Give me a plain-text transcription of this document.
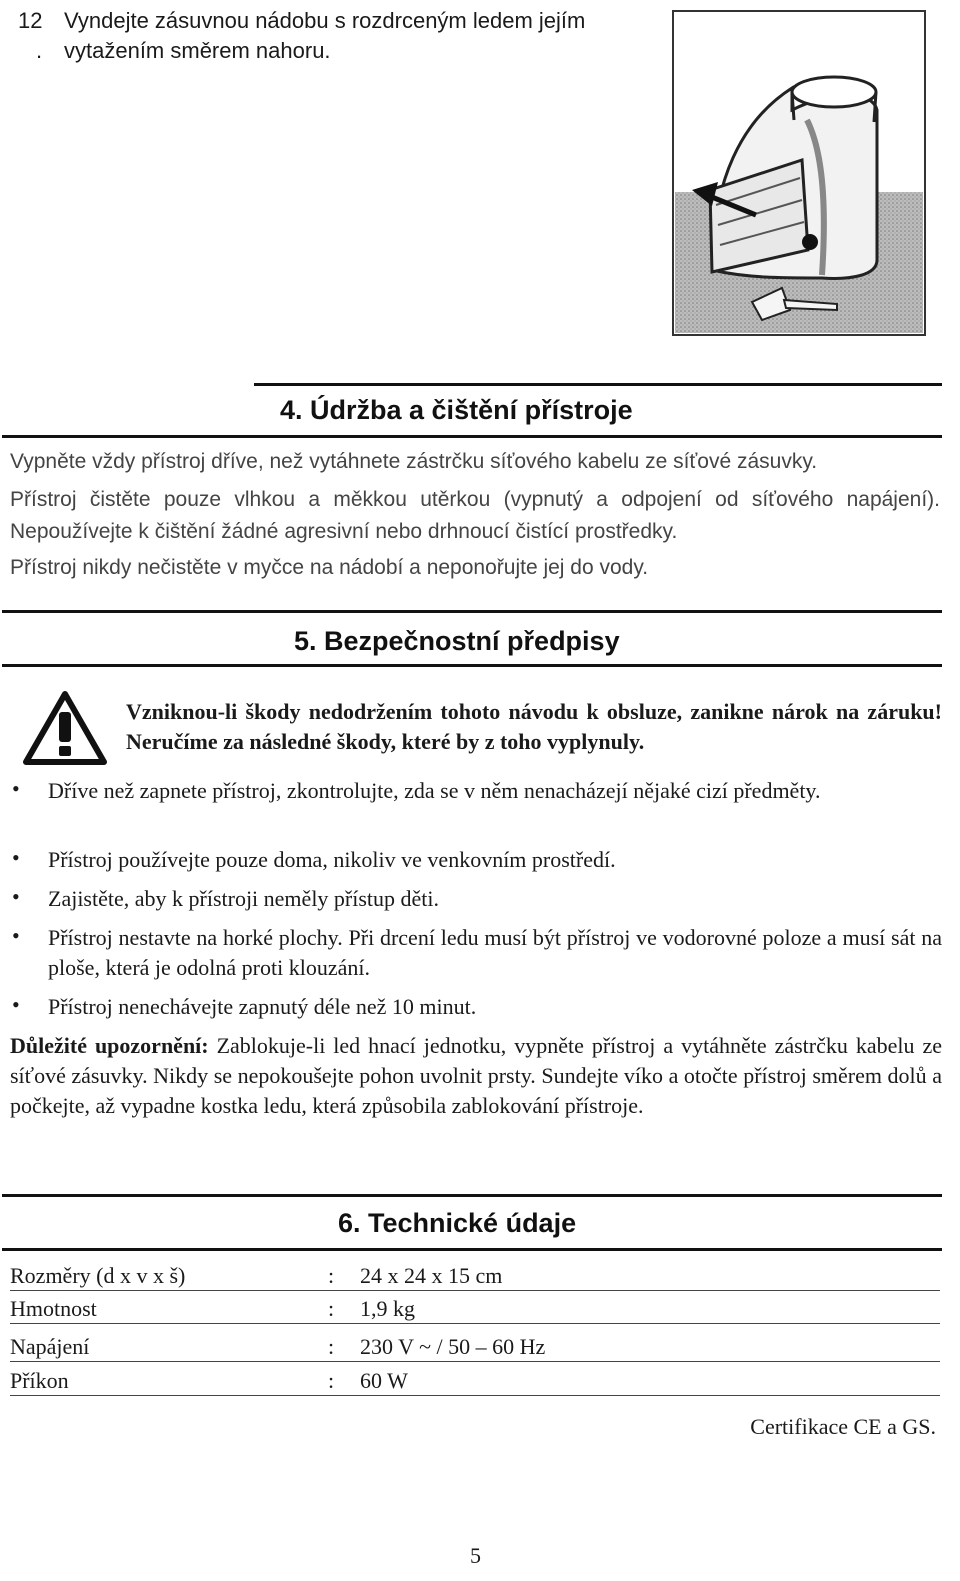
12
.
Vyndejte zásuvnou nádobu s rozdrceným ledem jejím
vytažením směrem nahoru.
4. Údržba a čištění přístroje
Vypněte vždy přístroj dříve, než vytáhnete zástrčku síťového kabelu ze síťové zásuvky.
Přístroj čistěte pouze vlhkou a měkkou utěrkou (vypnutý a odpojení od síťového napájení). Nepoužívejte k čištění žádné agresivní nebo drhnoucí čistící prostředky.
Přístroj nikdy nečistěte v myčce na nádobí a neponořujte jej do vody.
5. Bezpečnostní předpisy
Vzniknou-li škody nedodržením tohoto návodu k obsluze, zanikne nárok na záruku! Neručíme za následné škody, které by z toho vyplynuly.
•
Dříve než zapnete přístroj, zkontrolujte, zda se v něm nenacházejí nějaké cizí předměty.
•
Přístroj používejte pouze doma, nikoliv ve venkovním prostředí.
•
Zajistěte, aby k přístroji neměly přístup děti.
•
Přístroj nestavte na horké plochy. Při drcení ledu musí být přístroj ve vodorovné poloze a musí sát na ploše, která je odolná proti klouzání.
•
Přístroj nenechávejte zapnutý déle než 10 minut.
Důležité upozornění: Zablokuje-li led hnací jednotku, vypněte přístroj a vytáhněte zástrčku kabelu ze síťové zásuvky. Nikdy se nepokoušejte pohon uvolnit prsty. Sundejte víko a otočte přístroj směrem dolů a počkejte, až vypadne kostka ledu, která způsobila zablokování přístroje.
6. Technické údaje
Rozměry (d x v x š)	: 24 x 24 x 15 cm
Hmotnost	: 1,9 kg
Napájení	: 230 V ~ / 50 – 60 Hz
Příkon	: 60 W
Certifikace CE a GS.
5
